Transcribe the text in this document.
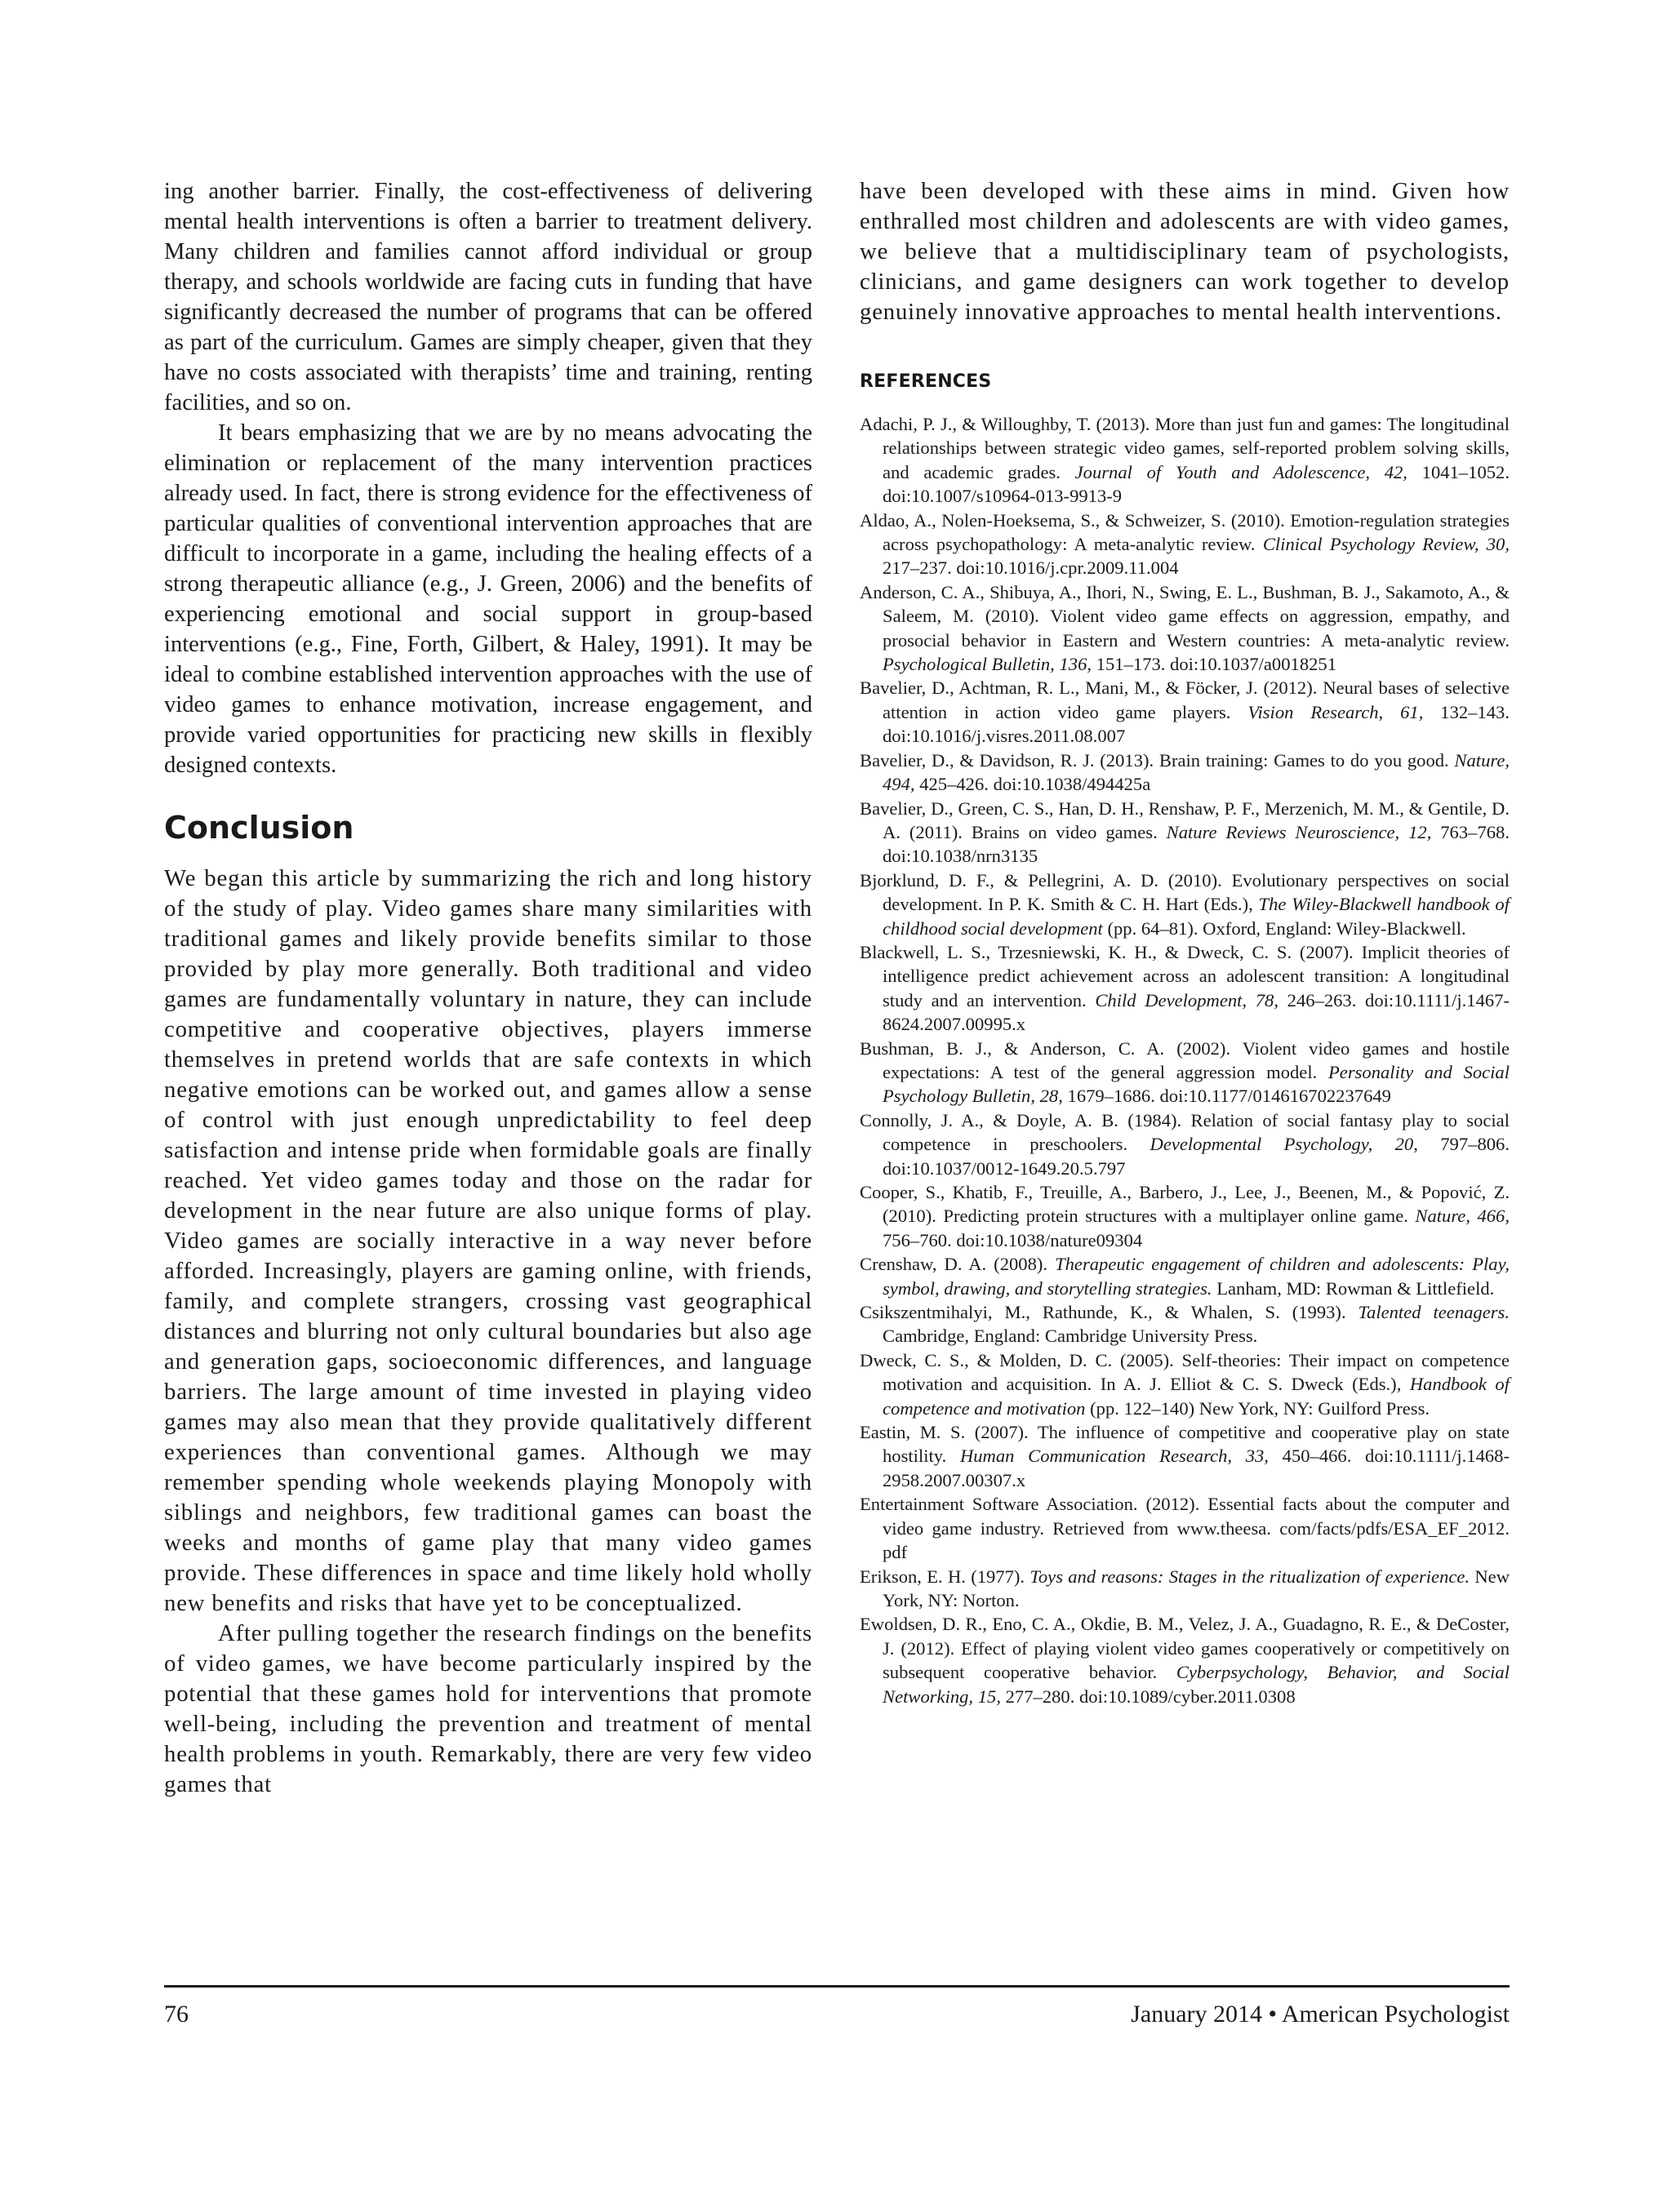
ing another barrier. Finally, the cost-effectiveness of delivering mental health interventions is often a barrier to treatment delivery. Many children and families cannot afford individual or group therapy, and schools worldwide are facing cuts in funding that have significantly decreased the number of programs that can be offered as part of the curriculum. Games are simply cheaper, given that they have no costs associated with therapists’ time and training, renting facilities, and so on.

It bears emphasizing that we are by no means advocating the elimination or replacement of the many intervention practices already used. In fact, there is strong evidence for the effectiveness of particular qualities of conventional intervention approaches that are difficult to incorporate in a game, including the healing effects of a strong therapeutic alliance (e.g., J. Green, 2006) and the benefits of experiencing emotional and social support in group-based interventions (e.g., Fine, Forth, Gilbert, & Haley, 1991). It may be ideal to combine established intervention approaches with the use of video games to enhance motivation, increase engagement, and provide varied opportunities for practicing new skills in flexibly designed contexts.

Conclusion

We began this article by summarizing the rich and long history of the study of play. Video games share many similarities with traditional games and likely provide benefits similar to those provided by play more generally. Both traditional and video games are fundamentally voluntary in nature, they can include competitive and cooperative objectives, players immerse themselves in pretend worlds that are safe contexts in which negative emotions can be worked out, and games allow a sense of control with just enough unpredictability to feel deep satisfaction and intense pride when formidable goals are finally reached. Yet video games today and those on the radar for development in the near future are also unique forms of play. Video games are socially interactive in a way never before afforded. Increasingly, players are gaming online, with friends, family, and complete strangers, crossing vast geographical distances and blurring not only cultural boundaries but also age and generation gaps, socioeconomic differences, and language barriers. The large amount of time invested in playing video games may also mean that they provide qualitatively different experiences than conventional games. Although we may remember spending whole weekends playing Monopoly with siblings and neighbors, few traditional games can boast the weeks and months of game play that many video games provide. These differences in space and time likely hold wholly new benefits and risks that have yet to be conceptualized.

After pulling together the research findings on the benefits of video games, we have become particularly inspired by the potential that these games hold for interventions that promote well-being, including the prevention and treatment of mental health problems in youth. Remarkably, there are very few video games that

have been developed with these aims in mind. Given how enthralled most children and adolescents are with video games, we believe that a multidisciplinary team of psychologists, clinicians, and game designers can work together to develop genuinely innovative approaches to mental health interventions.

REFERENCES

Adachi, P. J., & Willoughby, T. (2013). More than just fun and games: The longitudinal relationships between strategic video games, self-reported problem solving skills, and academic grades. Journal of Youth and Adolescence, 42, 1041–1052. doi:10.1007/s10964-013-9913-9

Aldao, A., Nolen-Hoeksema, S., & Schweizer, S. (2010). Emotion-regulation strategies across psychopathology: A meta-analytic review. Clinical Psychology Review, 30, 217–237. doi:10.1016/j.cpr.2009.11.004

Anderson, C. A., Shibuya, A., Ihori, N., Swing, E. L., Bushman, B. J., Sakamoto, A., & Saleem, M. (2010). Violent video game effects on aggression, empathy, and prosocial behavior in Eastern and Western countries: A meta-analytic review. Psychological Bulletin, 136, 151–173. doi:10.1037/a0018251

Bavelier, D., Achtman, R. L., Mani, M., & Föcker, J. (2012). Neural bases of selective attention in action video game players. Vision Research, 61, 132–143. doi:10.1016/j.visres.2011.08.007

Bavelier, D., & Davidson, R. J. (2013). Brain training: Games to do you good. Nature, 494, 425–426. doi:10.1038/494425a

Bavelier, D., Green, C. S., Han, D. H., Renshaw, P. F., Merzenich, M. M., & Gentile, D. A. (2011). Brains on video games. Nature Reviews Neuroscience, 12, 763–768. doi:10.1038/nrn3135

Bjorklund, D. F., & Pellegrini, A. D. (2010). Evolutionary perspectives on social development. In P. K. Smith & C. H. Hart (Eds.), The Wiley-Blackwell handbook of childhood social development (pp. 64–81). Oxford, England: Wiley-Blackwell.

Blackwell, L. S., Trzesniewski, K. H., & Dweck, C. S. (2007). Implicit theories of intelligence predict achievement across an adolescent transition: A longitudinal study and an intervention. Child Development, 78, 246–263. doi:10.1111/j.1467-8624.2007.00995.x

Bushman, B. J., & Anderson, C. A. (2002). Violent video games and hostile expectations: A test of the general aggression model. Personality and Social Psychology Bulletin, 28, 1679–1686. doi:10.1177/014616702237649

Connolly, J. A., & Doyle, A. B. (1984). Relation of social fantasy play to social competence in preschoolers. Developmental Psychology, 20, 797–806. doi:10.1037/0012-1649.20.5.797

Cooper, S., Khatib, F., Treuille, A., Barbero, J., Lee, J., Beenen, M., & Popović, Z. (2010). Predicting protein structures with a multiplayer online game. Nature, 466, 756–760. doi:10.1038/nature09304

Crenshaw, D. A. (2008). Therapeutic engagement of children and adolescents: Play, symbol, drawing, and storytelling strategies. Lanham, MD: Rowman & Littlefield.

Csikszentmihalyi, M., Rathunde, K., & Whalen, S. (1993). Talented teenagers. Cambridge, England: Cambridge University Press.

Dweck, C. S., & Molden, D. C. (2005). Self-theories: Their impact on competence motivation and acquisition. In A. J. Elliot & C. S. Dweck (Eds.), Handbook of competence and motivation (pp. 122–140) New York, NY: Guilford Press.

Eastin, M. S. (2007). The influence of competitive and cooperative play on state hostility. Human Communication Research, 33, 450–466. doi:10.1111/j.1468-2958.2007.00307.x

Entertainment Software Association. (2012). Essential facts about the computer and video game industry. Retrieved from www.theesa. com/facts/pdfs/ESA_EF_2012. pdf

Erikson, E. H. (1977). Toys and reasons: Stages in the ritualization of experience. New York, NY: Norton.

Ewoldsen, D. R., Eno, C. A., Okdie, B. M., Velez, J. A., Guadagno, R. E., & DeCoster, J. (2012). Effect of playing violent video games cooperatively or competitively on subsequent cooperative behavior. Cyberpsychology, Behavior, and Social Networking, 15, 277–280. doi:10.1089/cyber.2011.0308

76	January 2014 • American Psychologist
